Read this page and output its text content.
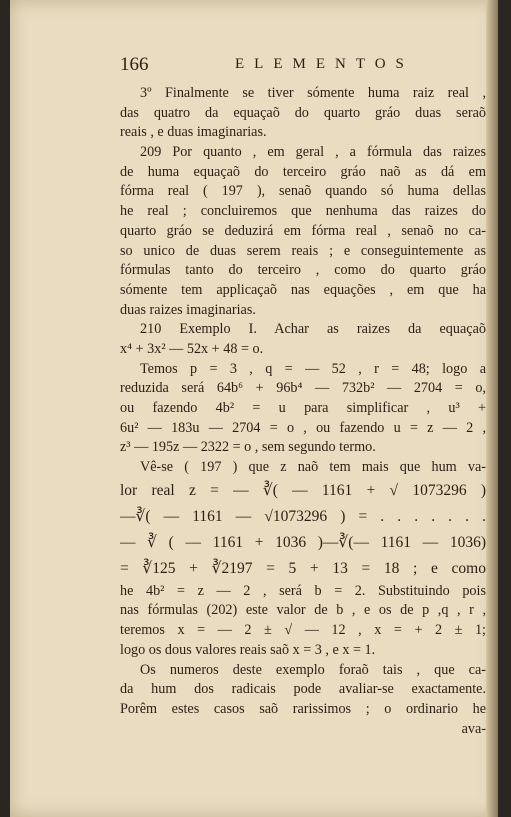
166	ELEMENTOS
3º Finalmente se tiver sómente huma raiz real ,
das quatro da equaçaõ do quarto gráo duas seraõ
reais , e duas imaginarias.
209 Por quanto , em geral , a fórmula das raizes
de huma equaçaõ do terceiro gráo naõ as dá em
fórma real ( 197 ), senaõ quando só huma dellas
he real ; concluiremos que nenhuma das raizes do
quarto gráo se deduzirá em fórma real , senaõ no ca-
so unico de duas serem reais ; e conseguintemente as
fórmulas tanto do terceiro , como do quarto gráo
sómente tem applicaçaõ nas equações , em que ha
duas raizes imaginarias.
210 Exemplo I. Achar as raizes da equaçaõ
x⁴ + 3x² — 52x + 48 = o.
Temos p = 3 , q = — 52 , r = 48; logo a
reduzida será 64b⁶ + 96b⁴ — 732b² — 2704 = o,
ou fazendo 4b² = u para simplificar , u³ +
6u² — 183u — 2704 = o , ou fazendo u = z — 2 ,
z³ — 195z — 2322 = o , sem segundo termo.
Vê-se ( 197 ) que z naõ tem mais que hum va-
lor real z = — ∛( — 1161 + √ 1073296 )
—∛( — 1161 — √1073296 ) = . . . . . . .
— ∛ ( — 1161 + 1036 )—∛(— 1161 — 1036)
= ∛125 + ∛2197 = 5 + 13 = 18 ; e como
he 4b² = z — 2 , será b = 2. Substituindo pois
nas fórmulas (202) este valor de b , e os de p ,q , r ,
teremos x = — 2 ± √ — 12 , x = + 2 ± 1;
logo os dous valores reais saõ x = 3 , e x = 1.
Os numeros deste exemplo foraõ tais , que ca-
da hum dos radicais pode avaliar-se exactamente.
Porêm estes casos saõ rarissimos ; o ordinario he
ava-
